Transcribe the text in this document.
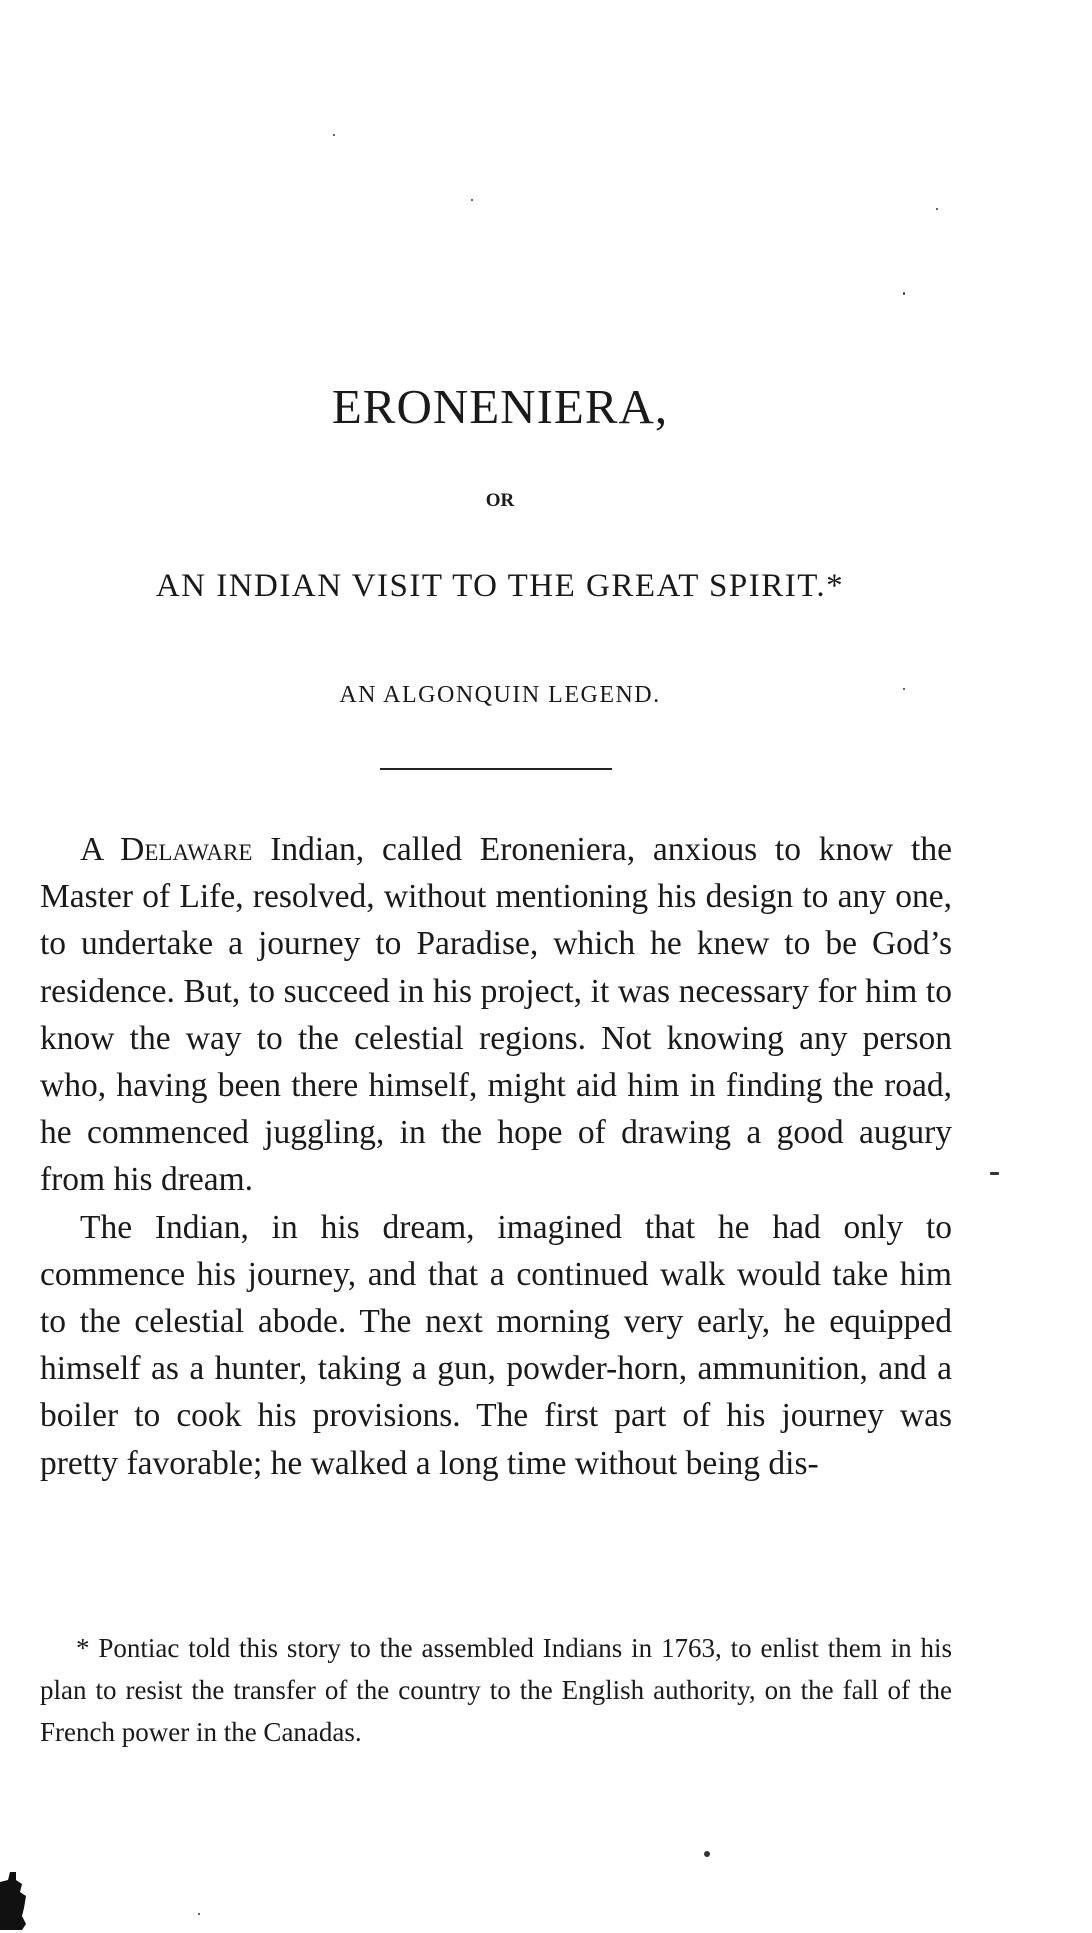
ERONENIERA,
OR
AN INDIAN VISIT TO THE GREAT SPIRIT.*
AN ALGONQUIN LEGEND.

A Delaware Indian, called Eroneniera, anxious to know the Master of Life, resolved, without mentioning his design to any one, to undertake a journey to Paradise, which he knew to be God’s residence. But, to succeed in his project, it was necessary for him to know the way to the celestial regions. Not knowing any person who, having been there himself, might aid him in finding the road, he commenced juggling, in the hope of drawing a good augury from his dream.

The Indian, in his dream, imagined that he had only to commence his journey, and that a continued walk would take him to the celestial abode. The next morning very early, he equipped himself as a hunter, taking a gun, powder-horn, ammunition, and a boiler to cook his provisions. The first part of his journey was pretty favorable; he walked a long time without being dis-

* Pontiac told this story to the assembled Indians in 1763, to enlist them in his plan to resist the transfer of the country to the English authority, on the fall of the French power in the Canadas.
